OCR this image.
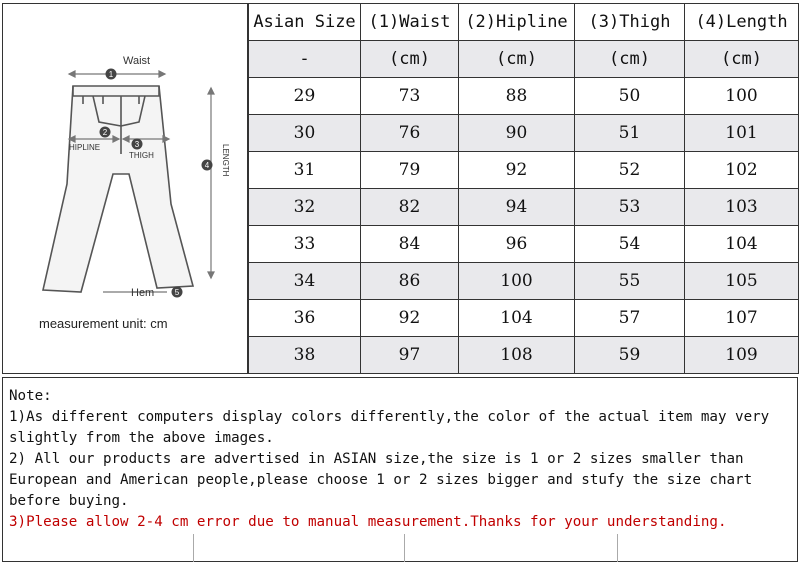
1
2
3
4
5
Waist
HIPLINE
THIGH	LENGTH
Hem
measurement unit: cm
Asian Size	(1)Waist	(2)Hipline	(3)Thigh	(4)Length
-	(cm)	(cm)	(cm)	(cm)
29	73	88	50	100
30	76	90	51	101
31	79	92	52	102
32	82	94	53	103
33	84	96	54	104
34	86	100	55	105
36	92	104	57	107
38	97	108	59	109
Note:
1)As different computers display colors differently,the color of the actual item may very slightly from the above images.
2) All our products are advertised in ASIAN size,the size is 1 or 2 sizes smaller than European and American people,please choose 1 or 2 sizes bigger and stufy the size chart before buying.
3)Please allow 2-4 cm error due to manual measurement.Thanks for your understanding.
